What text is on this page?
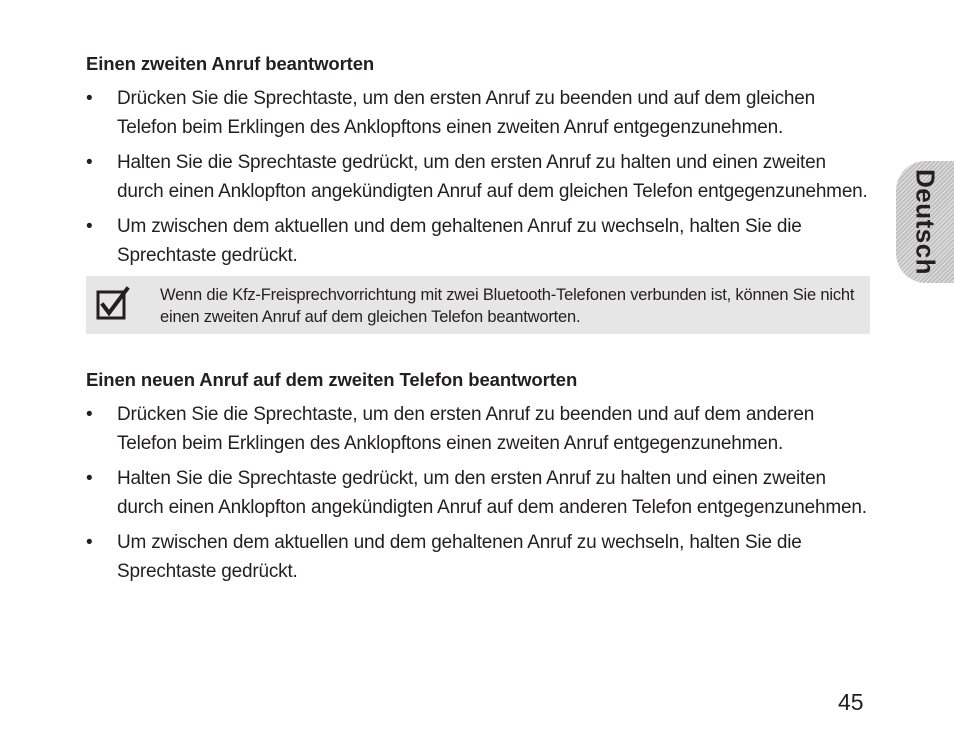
Einen zweiten Anruf beantworten
• Drücken Sie die Sprechtaste, um den ersten Anruf zu beenden und auf dem gleichen Telefon beim Erklingen des Anklopftons einen zweiten Anruf entgegenzunehmen.
• Halten Sie die Sprechtaste gedrückt, um den ersten Anruf zu halten und einen zweiten durch einen Anklopfton angekündigten Anruf auf dem gleichen Telefon entgegenzunehmen.
• Um zwischen dem aktuellen und dem gehaltenen Anruf zu wechseln, halten Sie die Sprechtaste gedrückt.
Wenn die Kfz-Freisprechvorrichtung mit zwei Bluetooth-Telefonen verbunden ist, können Sie nicht einen zweiten Anruf auf dem gleichen Telefon beantworten.
Einen neuen Anruf auf dem zweiten Telefon beantworten
• Drücken Sie die Sprechtaste, um den ersten Anruf zu beenden und auf dem anderen Telefon beim Erklingen des Anklopftons einen zweiten Anruf entgegenzunehmen.
• Halten Sie die Sprechtaste gedrückt, um den ersten Anruf zu halten und einen zweiten durch einen Anklopfton angekündigten Anruf auf dem anderen Telefon entgegenzunehmen.
• Um zwischen dem aktuellen und dem gehaltenen Anruf zu wechseln, halten Sie die Sprechtaste gedrückt.
Deutsch
45
